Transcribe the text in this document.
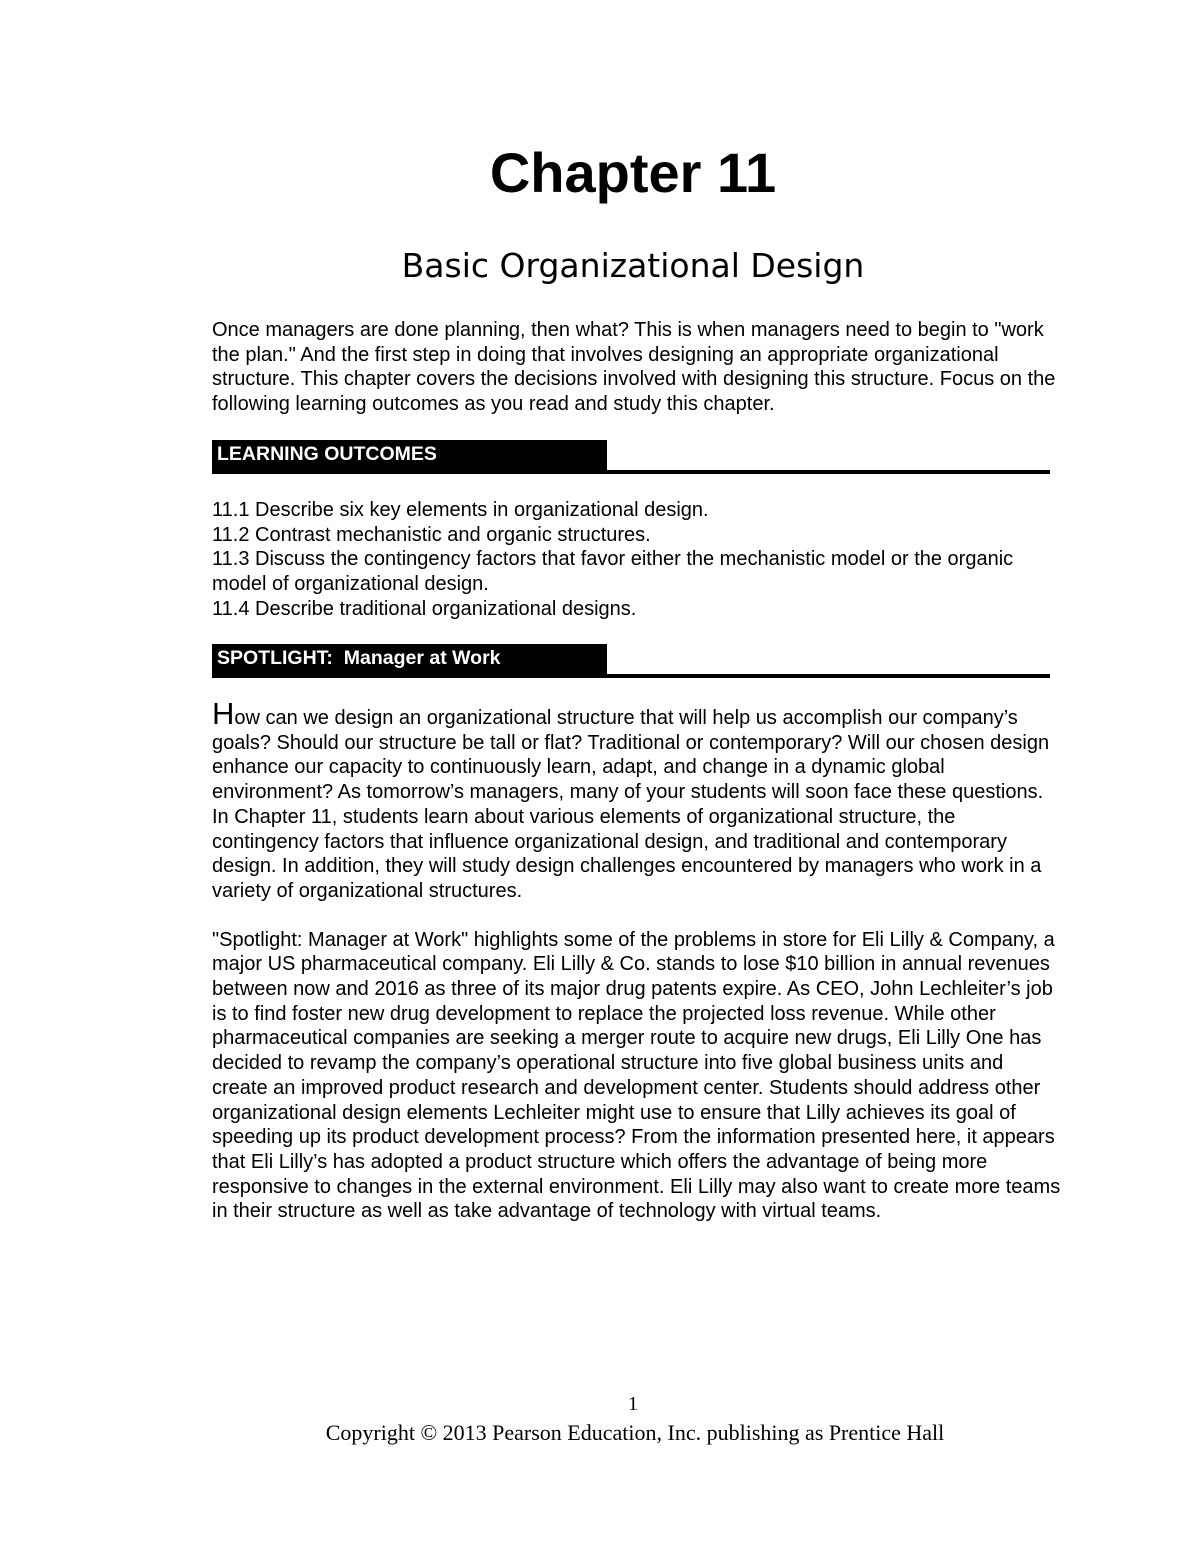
Chapter 11
Basic Organizational Design

Once managers are done planning, then what? This is when managers need to begin to "work the plan." And the first step in doing that involves designing an appropriate organizational structure. This chapter covers the decisions involved with designing this structure. Focus on the following learning outcomes as you read and study this chapter.

LEARNING OUTCOMES
11.1 Describe six key elements in organizational design.
11.2 Contrast mechanistic and organic structures.
11.3 Discuss the contingency factors that favor either the mechanistic model or the organic model of organizational design.
11.4 Describe traditional organizational designs.
SPOTLIGHT:  Manager at Work

How can we design an organizational structure that will help us accomplish our company’s goals? Should our structure be tall or flat? Traditional or contemporary? Will our chosen design enhance our capacity to continuously learn, adapt, and change in a dynamic global environment? As tomorrow’s managers, many of your students will soon face these questions. In Chapter 11, students learn about various elements of organizational structure, the contingency factors that influence organizational design, and traditional and contemporary design. In addition, they will study design challenges encountered by managers who work in a variety of organizational structures.

"Spotlight: Manager at Work" highlights some of the problems in store for Eli Lilly & Company, a major US pharmaceutical company. Eli Lilly & Co. stands to lose $10 billion in annual revenues between now and 2016 as three of its major drug patents expire. As CEO, John Lechleiter’s job is to find foster new drug development to replace the projected loss revenue. While other pharmaceutical companies are seeking a merger route to acquire new drugs, Eli Lilly One has decided to revamp the company’s operational structure into five global business units and create an improved product research and development center. Students should address other organizational design elements Lechleiter might use to ensure that Lilly achieves its goal of speeding up its product development process? From the information presented here, it appears that Eli Lilly’s has adopted a product structure which offers the advantage of being more responsive to changes in the external environment. Eli Lilly may also want to create more teams in their structure as well as take advantage of technology with virtual teams.

1
Copyright © 2013 Pearson Education, Inc. publishing as Prentice Hall
